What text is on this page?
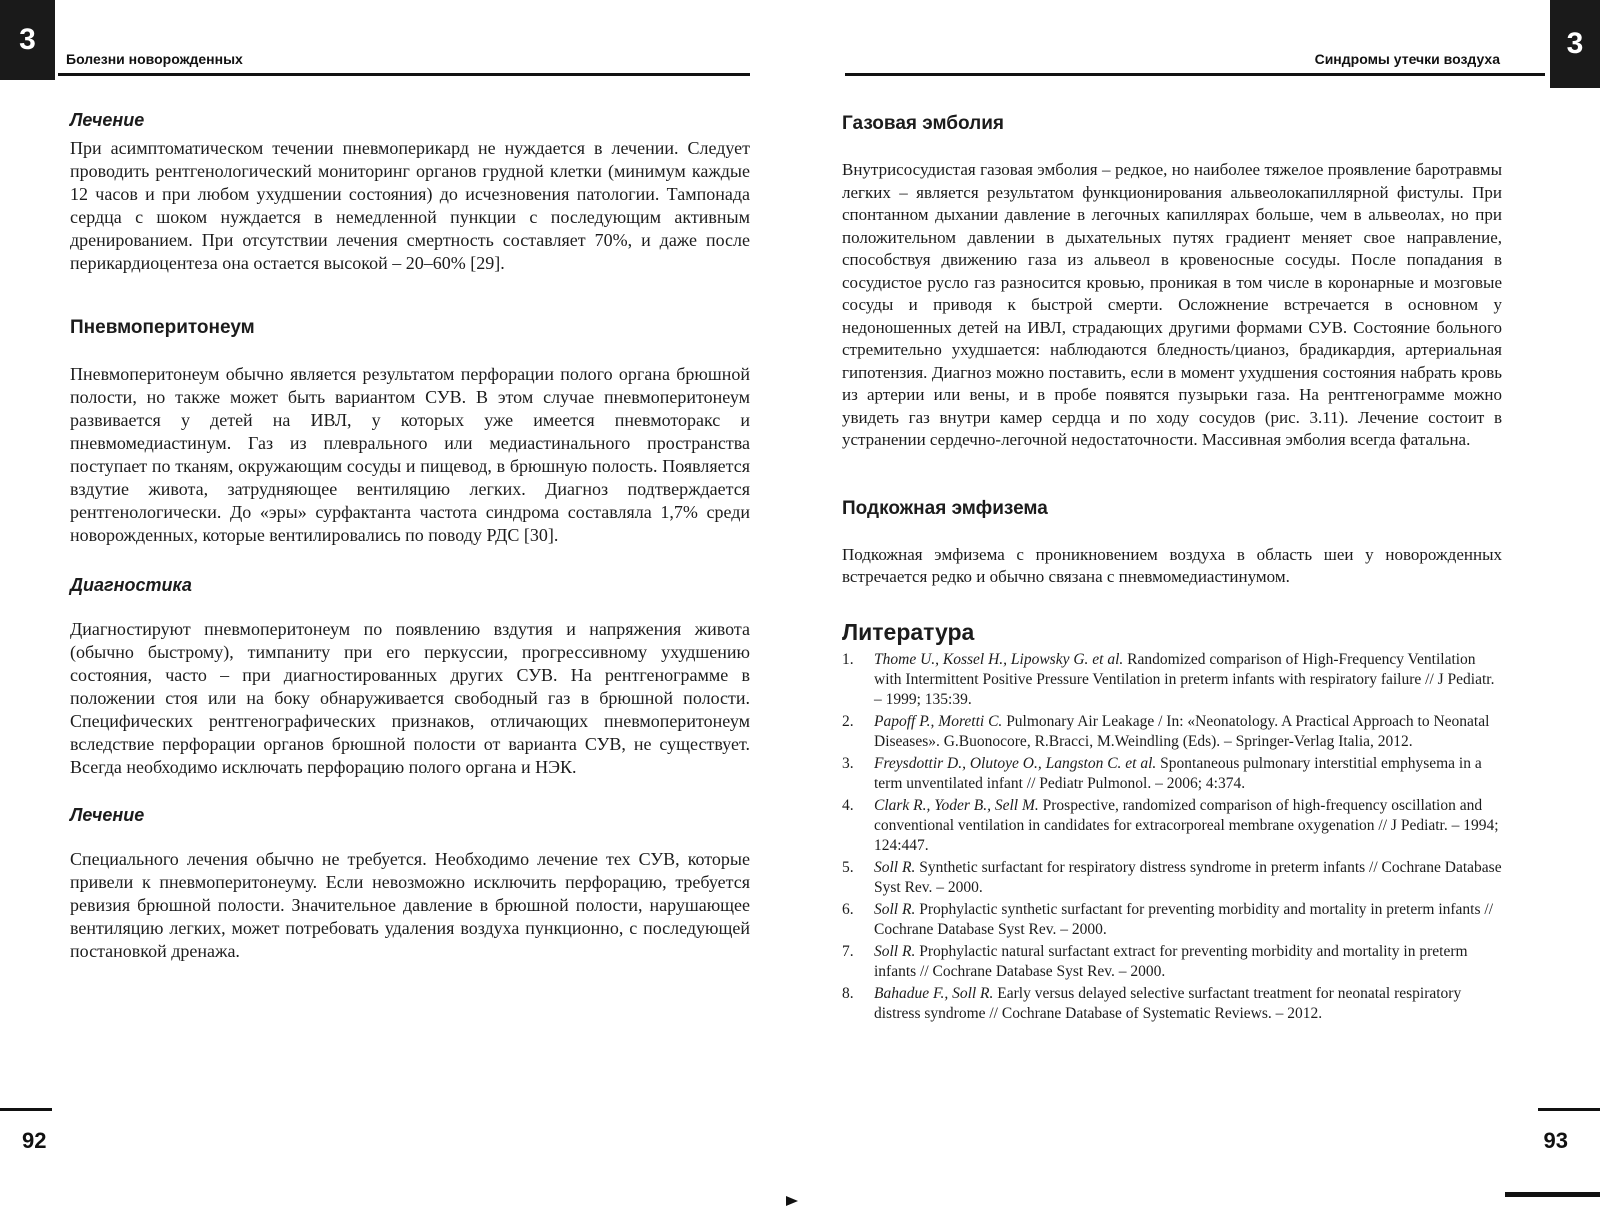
3
Болезни новорожденных
Лечение

При асимптоматическом течении пневмоперикард не нуждается в лечении. Следует проводить рентгенологический мониторинг органов грудной клетки (минимум каждые 12 часов и при любом ухудшении состояния) до исчезновения патологии. Тампонада сердца с шоком нуждается в немедленной пункции с последующим активным дренированием. При отсутствии лечения смертность составляет 70%, и даже после перикардиоцентеза она остается высокой – 20–60% [29].

Пневмоперитонеум

Пневмоперитонеум обычно является результатом перфорации полого органа брюшной полости, но также может быть вариантом СУВ. В этом случае пневмоперитонеум развивается у детей на ИВЛ, у которых уже имеется пневмоторакс и пневмомедиастинум. Газ из плеврального или медиастинального пространства поступает по тканям, окружающим сосуды и пищевод, в брюшную полость. Появляется вздутие живота, затрудняющее вентиляцию легких. Диагноз подтверждается рентгенологически. До «эры» сурфактанта частота синдрома составляла 1,7% среди новорожденных, которые вентилировались по поводу РДС [30].

Диагностика

Диагностируют пневмоперитонеум по появлению вздутия и напряжения живота (обычно быстрому), тимпаниту при его перкуссии, прогрессивному ухудшению состояния, часто – при диагностированных других СУВ. На рентгенограмме в положении стоя или на боку обнаруживается свободный газ в брюшной полости. Специфических рентгенографических признаков, отличающих пневмоперитонеум вследствие перфорации органов брюшной полости от варианта СУВ, не существует. Всегда необходимо исключать перфорацию полого органа и НЭК.

Лечение

Специального лечения обычно не требуется. Необходимо лечение тех СУВ, которые привели к пневмоперитонеуму. Если невозможно исключить перфорацию, требуется ревизия брюшной полости. Значительное давление в брюшной полости, нарушающее вентиляцию легких, может потребовать удаления воздуха пункционно, с последующей постановкой дренажа.

92
Синдромы утечки воздуха	3
Газовая эмболия

Внутрисосудистая газовая эмболия – редкое, но наиболее тяжелое проявление баротравмы легких – является результатом функционирования альвеолокапиллярной фистулы. При спонтанном дыхании давление в легочных капиллярах больше, чем в альвеолах, но при положительном давлении в дыхательных путях градиент меняет свое направление, способствуя движению газа из альвеол в кровеносные сосуды. После попадания в сосудистое русло газ разносится кровью, проникая в том числе в коронарные и мозговые сосуды и приводя к быстрой смерти. Осложнение встречается в основном у недоношенных детей на ИВЛ, страдающих другими формами СУВ. Состояние больного стремительно ухудшается: наблюдаются бледность/цианоз, брадикардия, артериальная гипотензия. Диагноз можно поставить, если в момент ухудшения состояния набрать кровь из артерии или вены, и в пробе появятся пузырьки газа. На рентгенограмме можно увидеть газ внутри камер сердца и по ходу сосудов (рис. 3.11). Лечение состоит в устранении сердечно-легочной недостаточности. Массивная эмболия всегда фатальна.

Подкожная эмфизема

Подкожная эмфизема с проникновением воздуха в область шеи у новорожденных встречается редко и обычно связана с пневмомедиастинумом.

Литература
1. Thome U., Kossel H., Lipowsky G. et al. Randomized comparison of High-Frequency Ventilation with Intermittent Positive Pressure Ventilation in preterm infants with respiratory failure // J Pediatr. – 1999; 135:39.
2. Papoff P., Moretti C. Pulmonary Air Leakage / In: «Neonatology. A Practical Approach to Neonatal Diseases». G.Buonocore, R.Bracci, M.Weindling (Eds). – Springer-Verlag Italia, 2012.
3. Freysdottir D., Olutoye O., Langston C. et al. Spontaneous pulmonary interstitial emphysema in a term unventilated infant // Pediatr Pulmonol. – 2006; 4:374.
4. Clark R., Yoder B., Sell M. Prospective, randomized comparison of high-frequency oscillation and conventional ventilation in candidates for extracorporeal membrane oxygenation // J Pediatr. – 1994; 124:447.
5. Soll R. Synthetic surfactant for respiratory distress syndrome in preterm infants // Cochrane Database Syst Rev. – 2000.
6. Soll R. Prophylactic synthetic surfactant for preventing morbidity and mortality in preterm infants // Cochrane Database Syst Rev. – 2000.
7. Soll R. Prophylactic natural surfactant extract for preventing morbidity and mortality in preterm infants // Cochrane Database Syst Rev. – 2000.
8. Bahadue F., Soll R. Early versus delayed selective surfactant treatment for neonatal respiratory distress syndrome // Cochrane Database of Systematic Reviews. – 2012.
93
